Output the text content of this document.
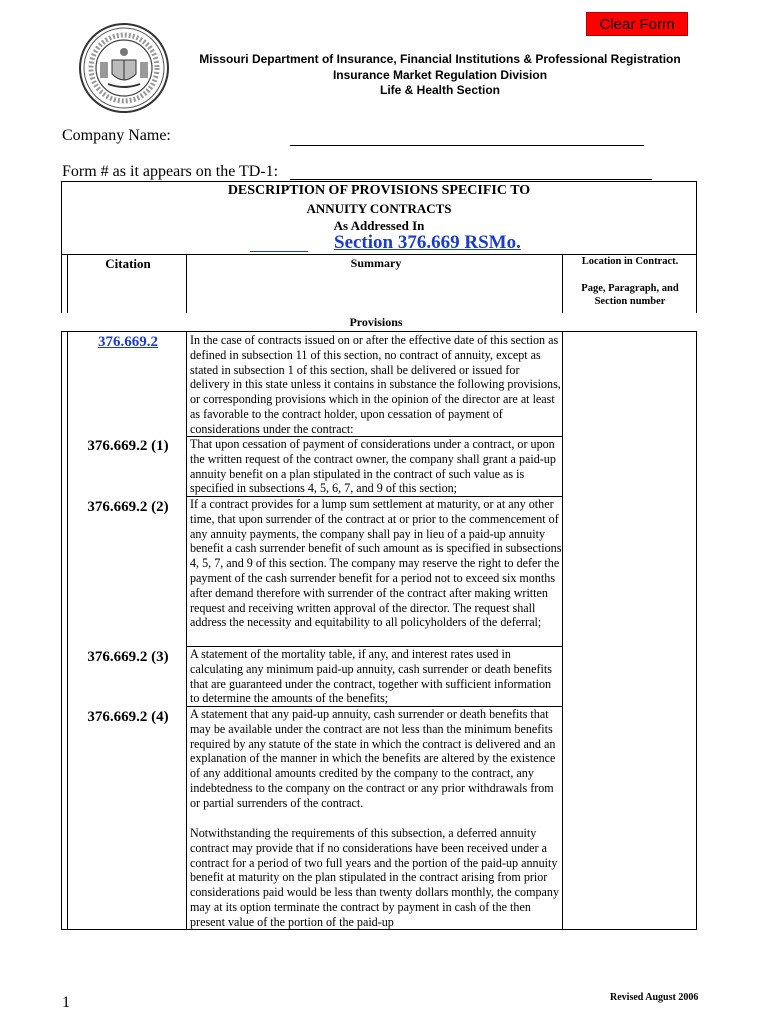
Clear Form
Missouri Department of Insurance, Financial Institutions & Professional Registration
Insurance Market Regulation Division
Life & Health Section
Company Name:
Form # as it appears on the TD-1:
DESCRIPTION OF PROVISIONS SPECIFIC TO
ANNUITY CONTRACTS
As Addressed In
Section 376.669 RSMo.
Citation	Summary	Location in Contract.
Page, Paragraph, and Section number
Provisions
376.669.2	In the case of contracts issued on or after the effective date of this section as defined in subsection 11 of this section, no contract of annuity, except as stated in subsection 1 of this section, shall be delivered or issued for delivery in this state unless it contains in substance the following provisions, or corresponding provisions which in the opinion of the director are at least as favorable to the contract holder, upon cessation of payment of considerations under the contract:
376.669.2 (1)	That upon cessation of payment of considerations under a contract, or upon the written request of the contract owner, the company shall grant a paid-up annuity benefit on a plan stipulated in the contract of such value as is specified in subsections 4, 5, 6, 7, and 9 of this section;
376.669.2 (2)	If a contract provides for a lump sum settlement at maturity, or at any other time, that upon surrender of the contract at or prior to the commencement of any annuity payments, the company shall pay in lieu of a paid-up annuity benefit a cash surrender benefit of such amount as is specified in subsections 4, 5, 7, and 9 of this section. The company may reserve the right to defer the payment of the cash surrender benefit for a period not to exceed six months after demand therefore with surrender of the contract after making written request and receiving written approval of the director. The request shall address the necessity and equitability to all policyholders of the deferral;
376.669.2 (3)	A statement of the mortality table, if any, and interest rates used in calculating any minimum paid-up annuity, cash surrender or death benefits that are guaranteed under the contract, together with sufficient information to determine the amounts of the benefits;
376.669.2 (4)	A statement that any paid-up annuity, cash surrender or death benefits that may be available under the contract are not less than the minimum benefits required by any statute of the state in which the contract is delivered and an explanation of the manner in which the benefits are altered by the existence of any additional amounts credited by the company to the contract, any indebtedness to the company on the contract or any prior withdrawals from or partial surrenders of the contract.
Notwithstanding the requirements of this subsection, a deferred annuity contract may provide that if no considerations have been received under a contract for a period of two full years and the portion of the paid-up annuity benefit at maturity on the plan stipulated in the contract arising from prior considerations paid would be less than twenty dollars monthly, the company may at its option terminate the contract by payment in cash of the then present value of the portion of the paid-up
1	Revised August 2006
